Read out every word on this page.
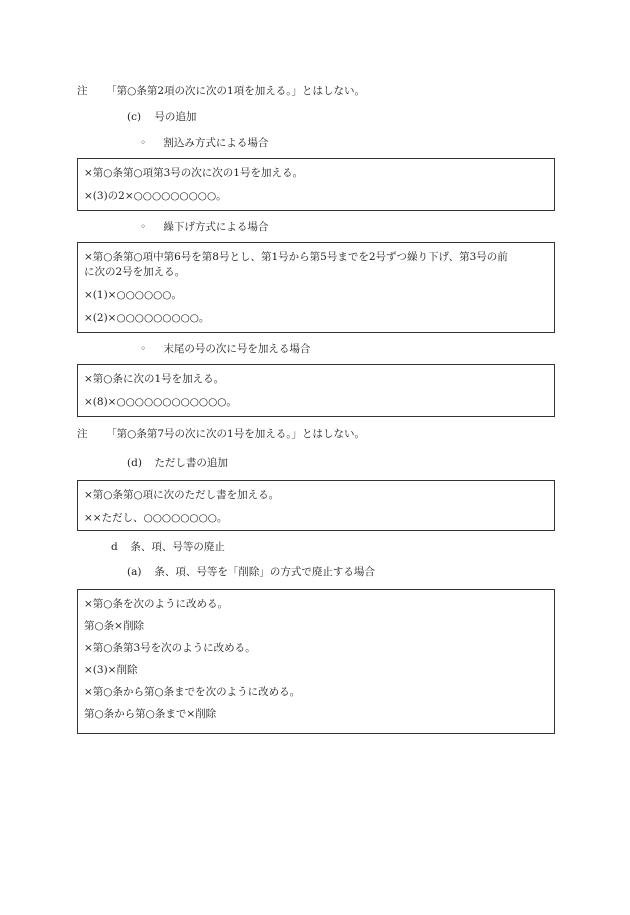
注 「第○条第2項の次に次の1項を加える。」とはしない。
(c) 号の追加
◦ 割込み方式による場合
×第○条第○項第3号の次に次の1号を加える。
×(3)の2×○○○○○○○○○。
◦ 繰下げ方式による場合
×第○条第○項中第6号を第8号とし、第1号から第5号までを2号ずつ繰り下げ、第3号の前
に次の2号を加える。
×(1)×○○○○○○。
×(2)×○○○○○○○○○。
◦ 末尾の号の次に号を加える場合
×第○条に次の1号を加える。
×(8)×○○○○○○○○○○○○。
注 「第○条第7号の次に次の1号を加える。」とはしない。
(d) ただし書の追加
×第○条第○項に次のただし書を加える。
××ただし、○○○○○○○○。
d 条、項、号等の廃止
(a) 条、項、号等を「削除」の方式で廃止する場合
×第○条を次のように改める。
第○条×削除
×第○条第3号を次のように改める。
×(3)×削除
×第○条から第○条までを次のように改める。
第○条から第○条まで×削除
